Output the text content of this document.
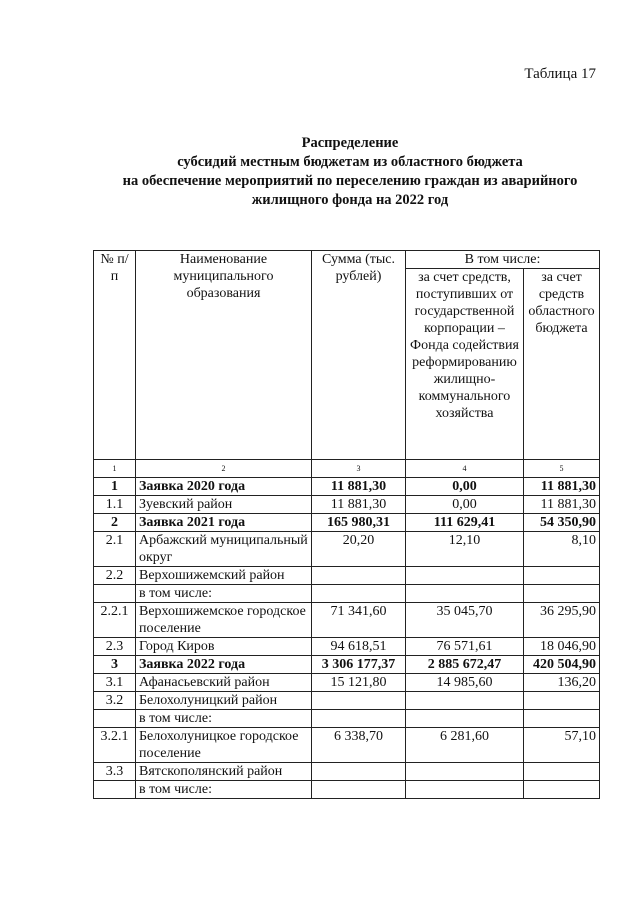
Таблица 17
Распределение
субсидий местным бюджетам из областного бюджета
на обеспечение мероприятий по переселению граждан из аварийного
жилищного фонда на 2022 год
№ п/п	Наименование муниципального образования	Сумма (тыс. рублей)	В том числе:	
			за счет средств, поступивших от государственной корпорации – Фонда содействия реформированию жилищно-коммунального хозяйства	за счет средств областного бюджета
1	2	3	4	5
1	Заявка 2020 года	11 881,30	0,00	11 881,30
1.1	Зуевский район	11 881,30	0,00	11 881,30
2	Заявка 2021 года	165 980,31	111 629,41	54 350,90
2.1	Арбажский муниципальный округ	20,20	12,10	8,10
2.2	Верхошижемский район			
	в том числе:			
2.2.1	Верхошижемское городское поселение	71 341,60	35 045,70	36 295,90
2.3	Город Киров	94 618,51	76 571,61	18 046,90
3	Заявка 2022 года	3 306 177,37	2 885 672,47	420 504,90
3.1	Афанасьевский район	15 121,80	14 985,60	136,20
3.2	Белохолуницкий район			
	в том числе:			
3.2.1	Белохолуницкое городское поселение	6 338,70	6 281,60	57,10
3.3	Вятскополянский район			
	в том числе:			
